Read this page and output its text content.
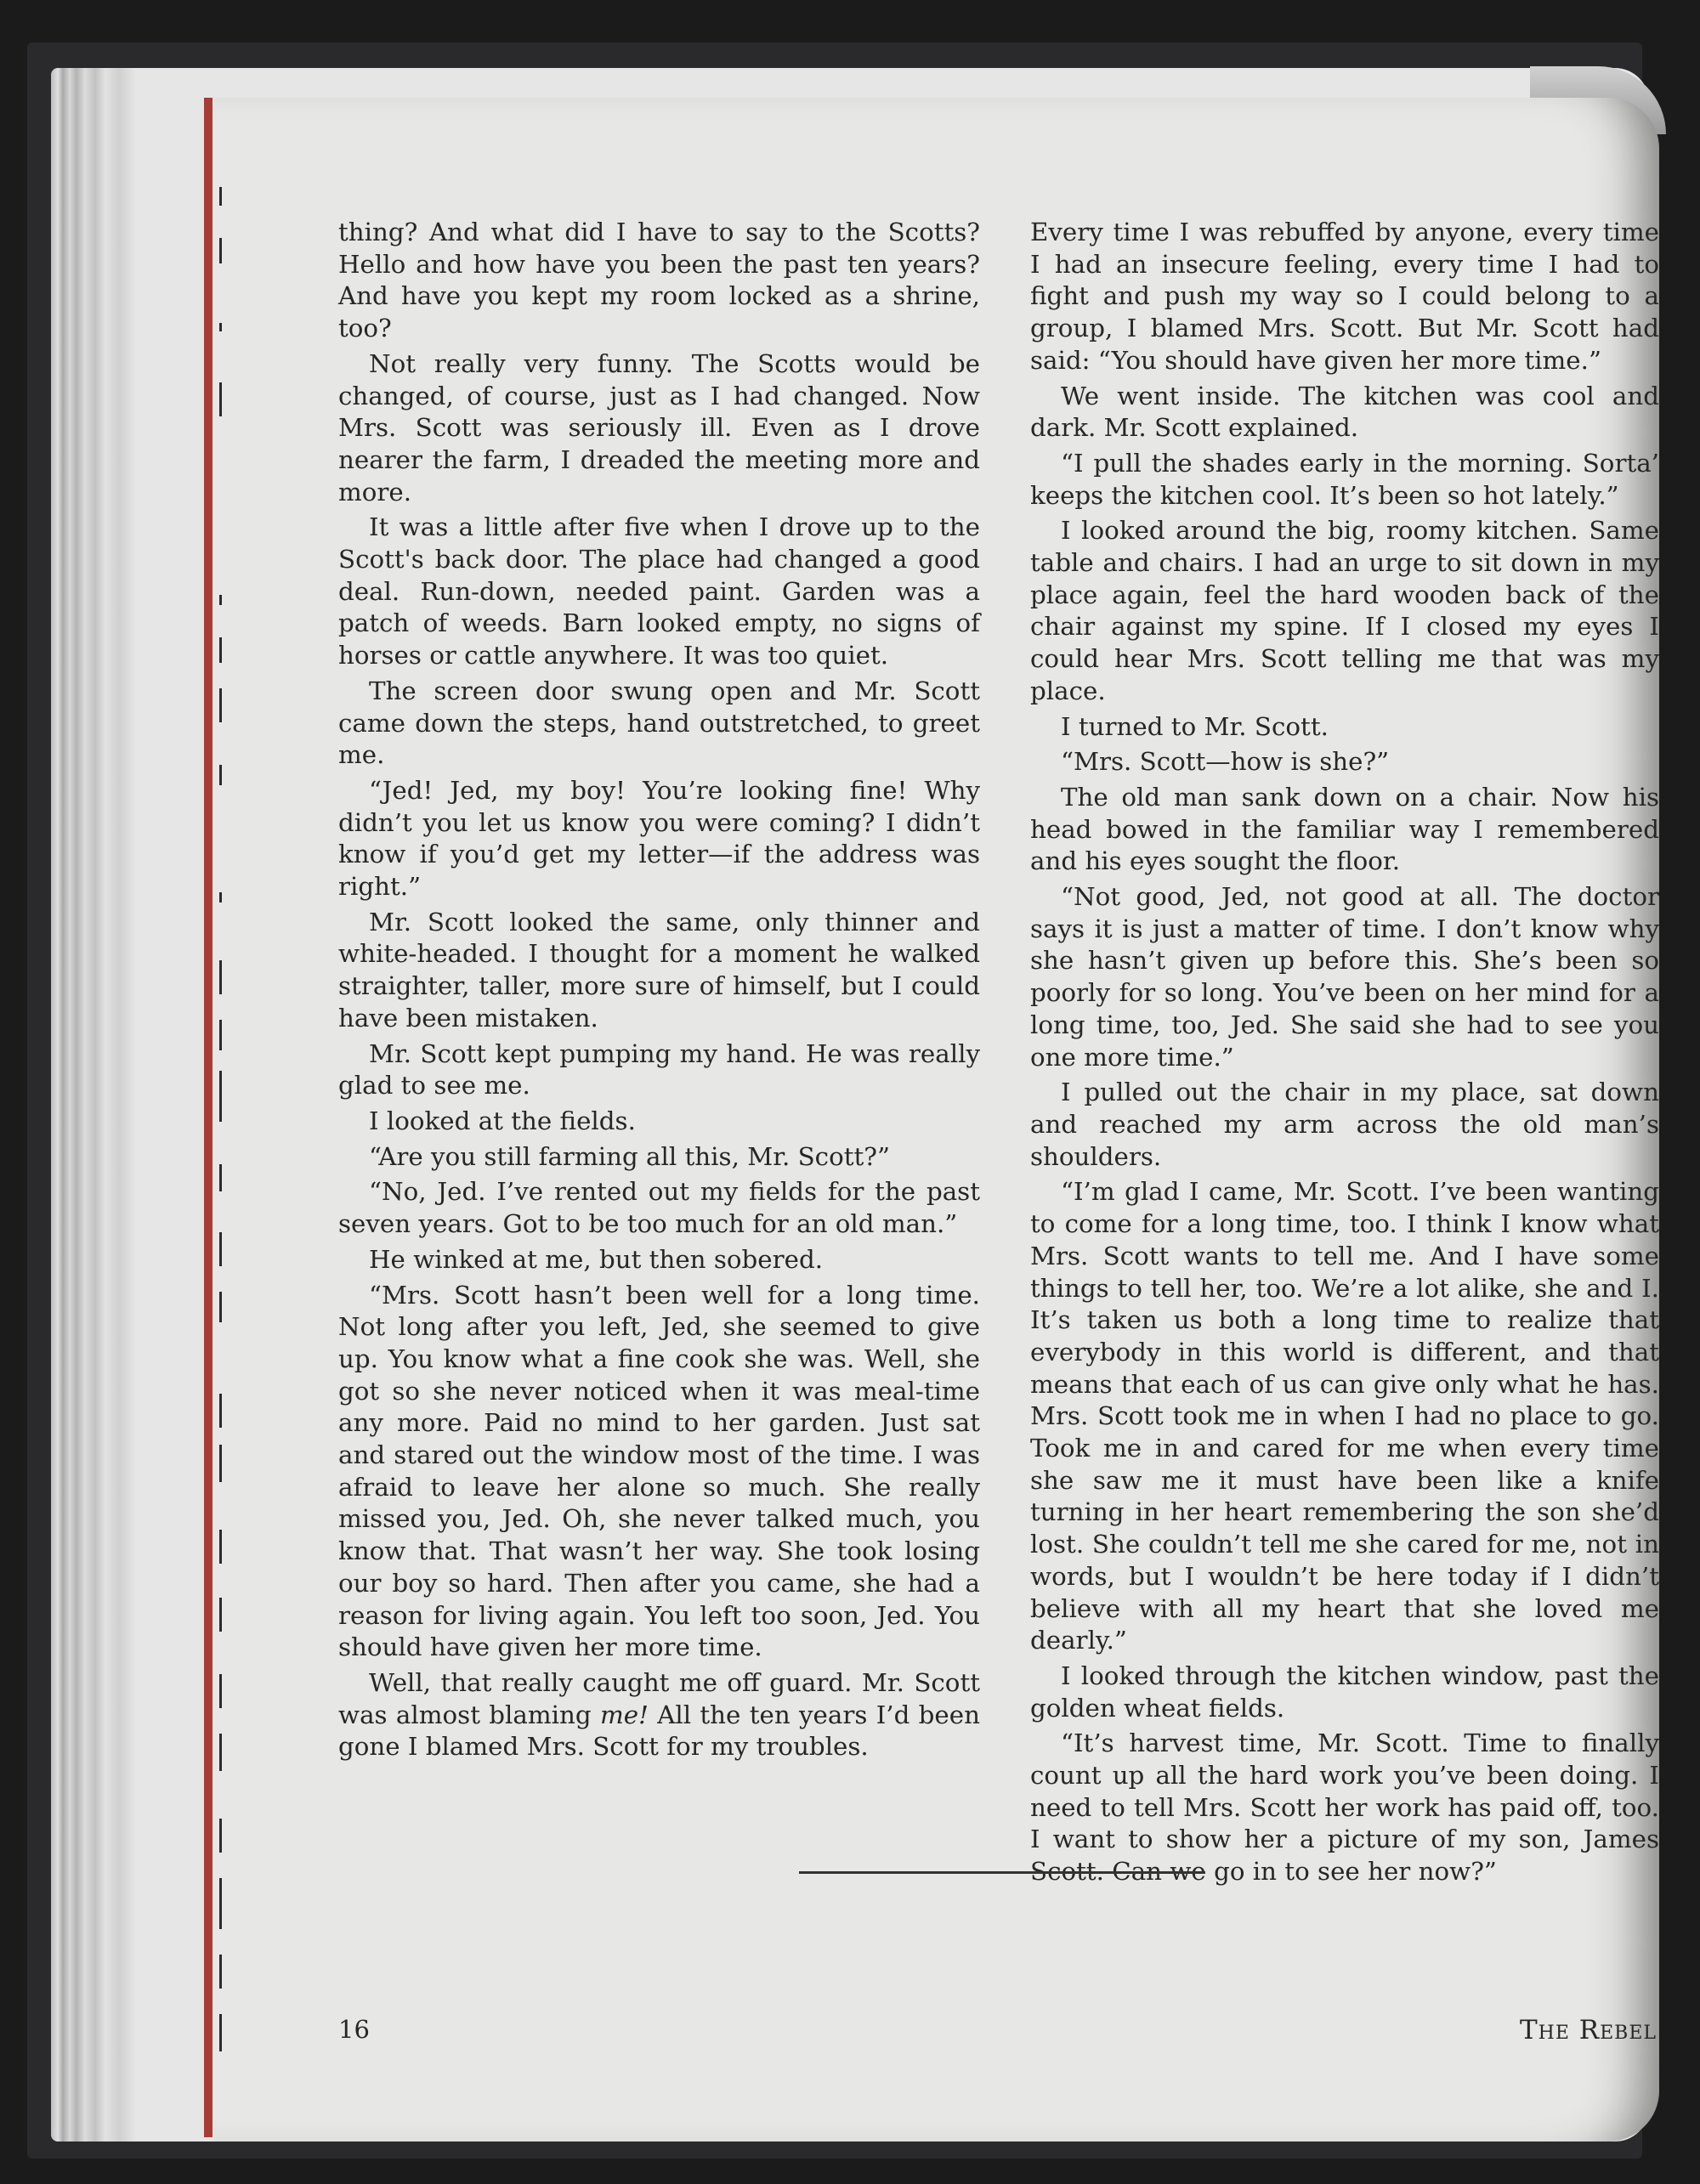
thing? And what did I have to say to the Scotts? Hello and how have you been the past ten years? And have you kept my room locked as a shrine, too?

Not really very funny. The Scotts would be changed, of course, just as I had changed. Now Mrs. Scott was seriously ill. Even as I drove nearer the farm, I dreaded the meeting more and more.

It was a little after five when I drove up to the Scott's back door. The place had changed a good deal. Run-down, needed paint. Garden was a patch of weeds. Barn looked empty, no signs of horses or cattle anywhere. It was too quiet.

The screen door swung open and Mr. Scott came down the steps, hand outstretched, to greet me.

“Jed! Jed, my boy! You’re looking fine! Why didn’t you let us know you were coming? I didn’t know if you’d get my letter—if the address was right.”

Mr. Scott looked the same, only thinner and white-headed. I thought for a moment he walked straighter, taller, more sure of himself, but I could have been mistaken.

Mr. Scott kept pumping my hand. He was really glad to see me.

I looked at the fields.

“Are you still farming all this, Mr. Scott?”

“No, Jed. I’ve rented out my fields for the past seven years. Got to be too much for an old man.”

He winked at me, but then sobered.

“Mrs. Scott hasn’t been well for a long time. Not long after you left, Jed, she seemed to give up. You know what a fine cook she was. Well, she got so she never noticed when it was meal-time any more. Paid no mind to her garden. Just sat and stared out the window most of the time. I was afraid to leave her alone so much. She really missed you, Jed. Oh, she never talked much, you know that. That wasn’t her way. She took losing our boy so hard. Then after you came, she had a reason for living again. You left too soon, Jed. You should have given her more time.

Well, that really caught me off guard. Mr. Scott was almost blaming me! All the ten years I’d been gone I blamed Mrs. Scott for my troubles.

Every time I was rebuffed by anyone, every time I had an insecure feeling, every time I had to fight and push my way so I could belong to a group, I blamed Mrs. Scott. But Mr. Scott had said: “You should have given her more time.”

We went inside. The kitchen was cool and dark. Mr. Scott explained.

“I pull the shades early in the morning. Sorta’ keeps the kitchen cool. It’s been so hot lately.”

I looked around the big, roomy kitchen. Same table and chairs. I had an urge to sit down in my place again, feel the hard wooden back of the chair against my spine. If I closed my eyes I could hear Mrs. Scott telling me that was my place.

I turned to Mr. Scott.

“Mrs. Scott—how is she?”

The old man sank down on a chair. Now his head bowed in the familiar way I remembered and his eyes sought the floor.

“Not good, Jed, not good at all. The doctor says it is just a matter of time. I don’t know why she hasn’t given up before this. She’s been so poorly for so long. You’ve been on her mind for a long time, too, Jed. She said she had to see you one more time.”

I pulled out the chair in my place, sat down and reached my arm across the old man’s shoulders.

“I’m glad I came, Mr. Scott. I’ve been wanting to come for a long time, too. I think I know what Mrs. Scott wants to tell me. And I have some things to tell her, too. We’re a lot alike, she and I. It’s taken us both a long time to realize that everybody in this world is different, and that means that each of us can give only what he has. Mrs. Scott took me in when I had no place to go. Took me in and cared for me when every time she saw me it must have been like a knife turning in her heart remembering the son she’d lost. She couldn’t tell me she cared for me, not in words, but I wouldn’t be here today if I didn’t believe with all my heart that she loved me dearly.”

I looked through the kitchen window, past the golden wheat fields.

“It’s harvest time, Mr. Scott. Time to finally count up all the hard work you’ve been doing. I need to tell Mrs. Scott her work has paid off, too. I want to show her a picture of my son, James Scott. Can we go in to see her now?”

16	The Rebel
